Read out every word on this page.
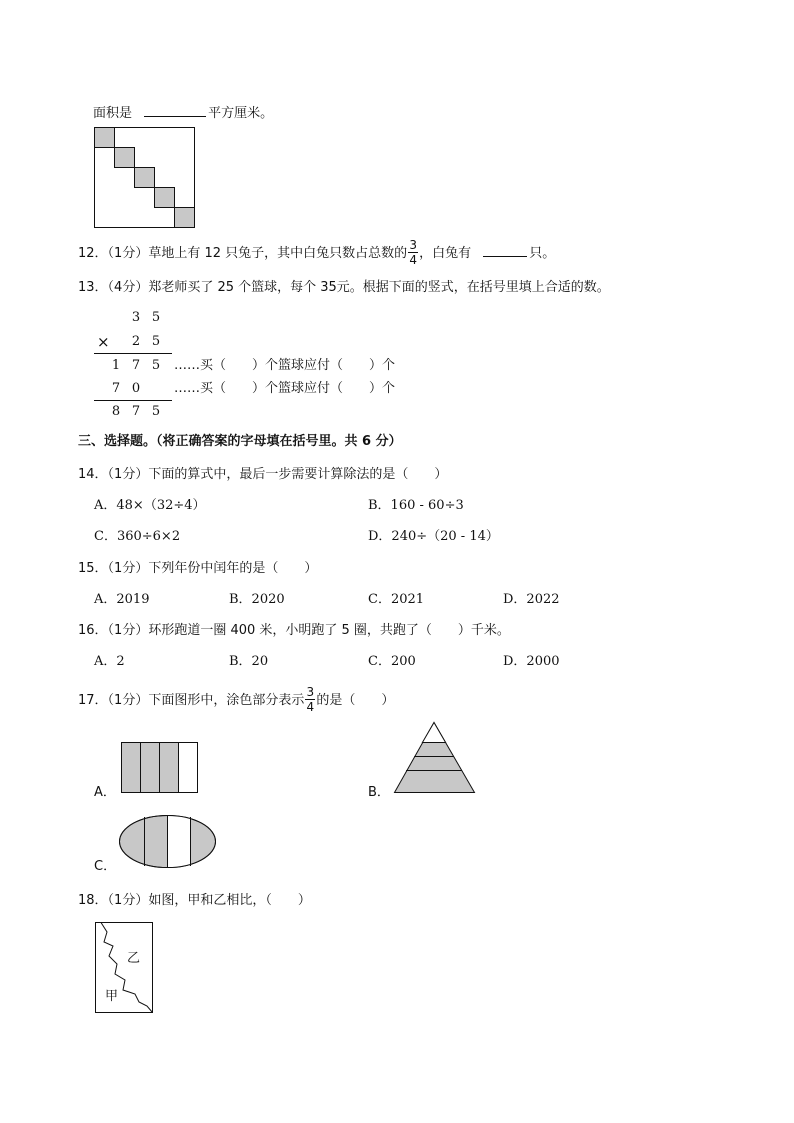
面积是	平方厘米。
12．（1分）草地上有 12 只兔子，其中白兔只数占总数的 $\frac{3}{4}$ ，白兔有	只。
13．（4分）郑老师买了 25 个篮球，每个 35元。根据下面的竖式，在括号里填上合适的数。
3 5
×	2 5
1 7 5	……买（　　）个篮球应付（　　）个
7 0	……买（　　）个篮球应付（　　）个
8 7 5
三、选择题。（将正确答案的字母填在括号里。共 6 分）
14．（1分）下面的算式中，最后一步需要计算除法的是（　　）
A．48×（32÷4）	B．160 - 60÷3
C．360÷6×2	D．240÷（20 - 14）
15．（1分）下列年份中闰年的是（　　）
A．2019	B．2020	C．2021	D．2022
16．（1分）环形跑道一圈 400 米，小明跑了 5 圈，共跑了（　　）千米。
A．2	B．20	C．200	D．2000
17．（1分）下面图形中，涂色部分表示 $\frac{3}{4}$ 的是（　　）
A．	B．
C．
18．（1分）如图，甲和乙相比，（　　）
乙
甲
